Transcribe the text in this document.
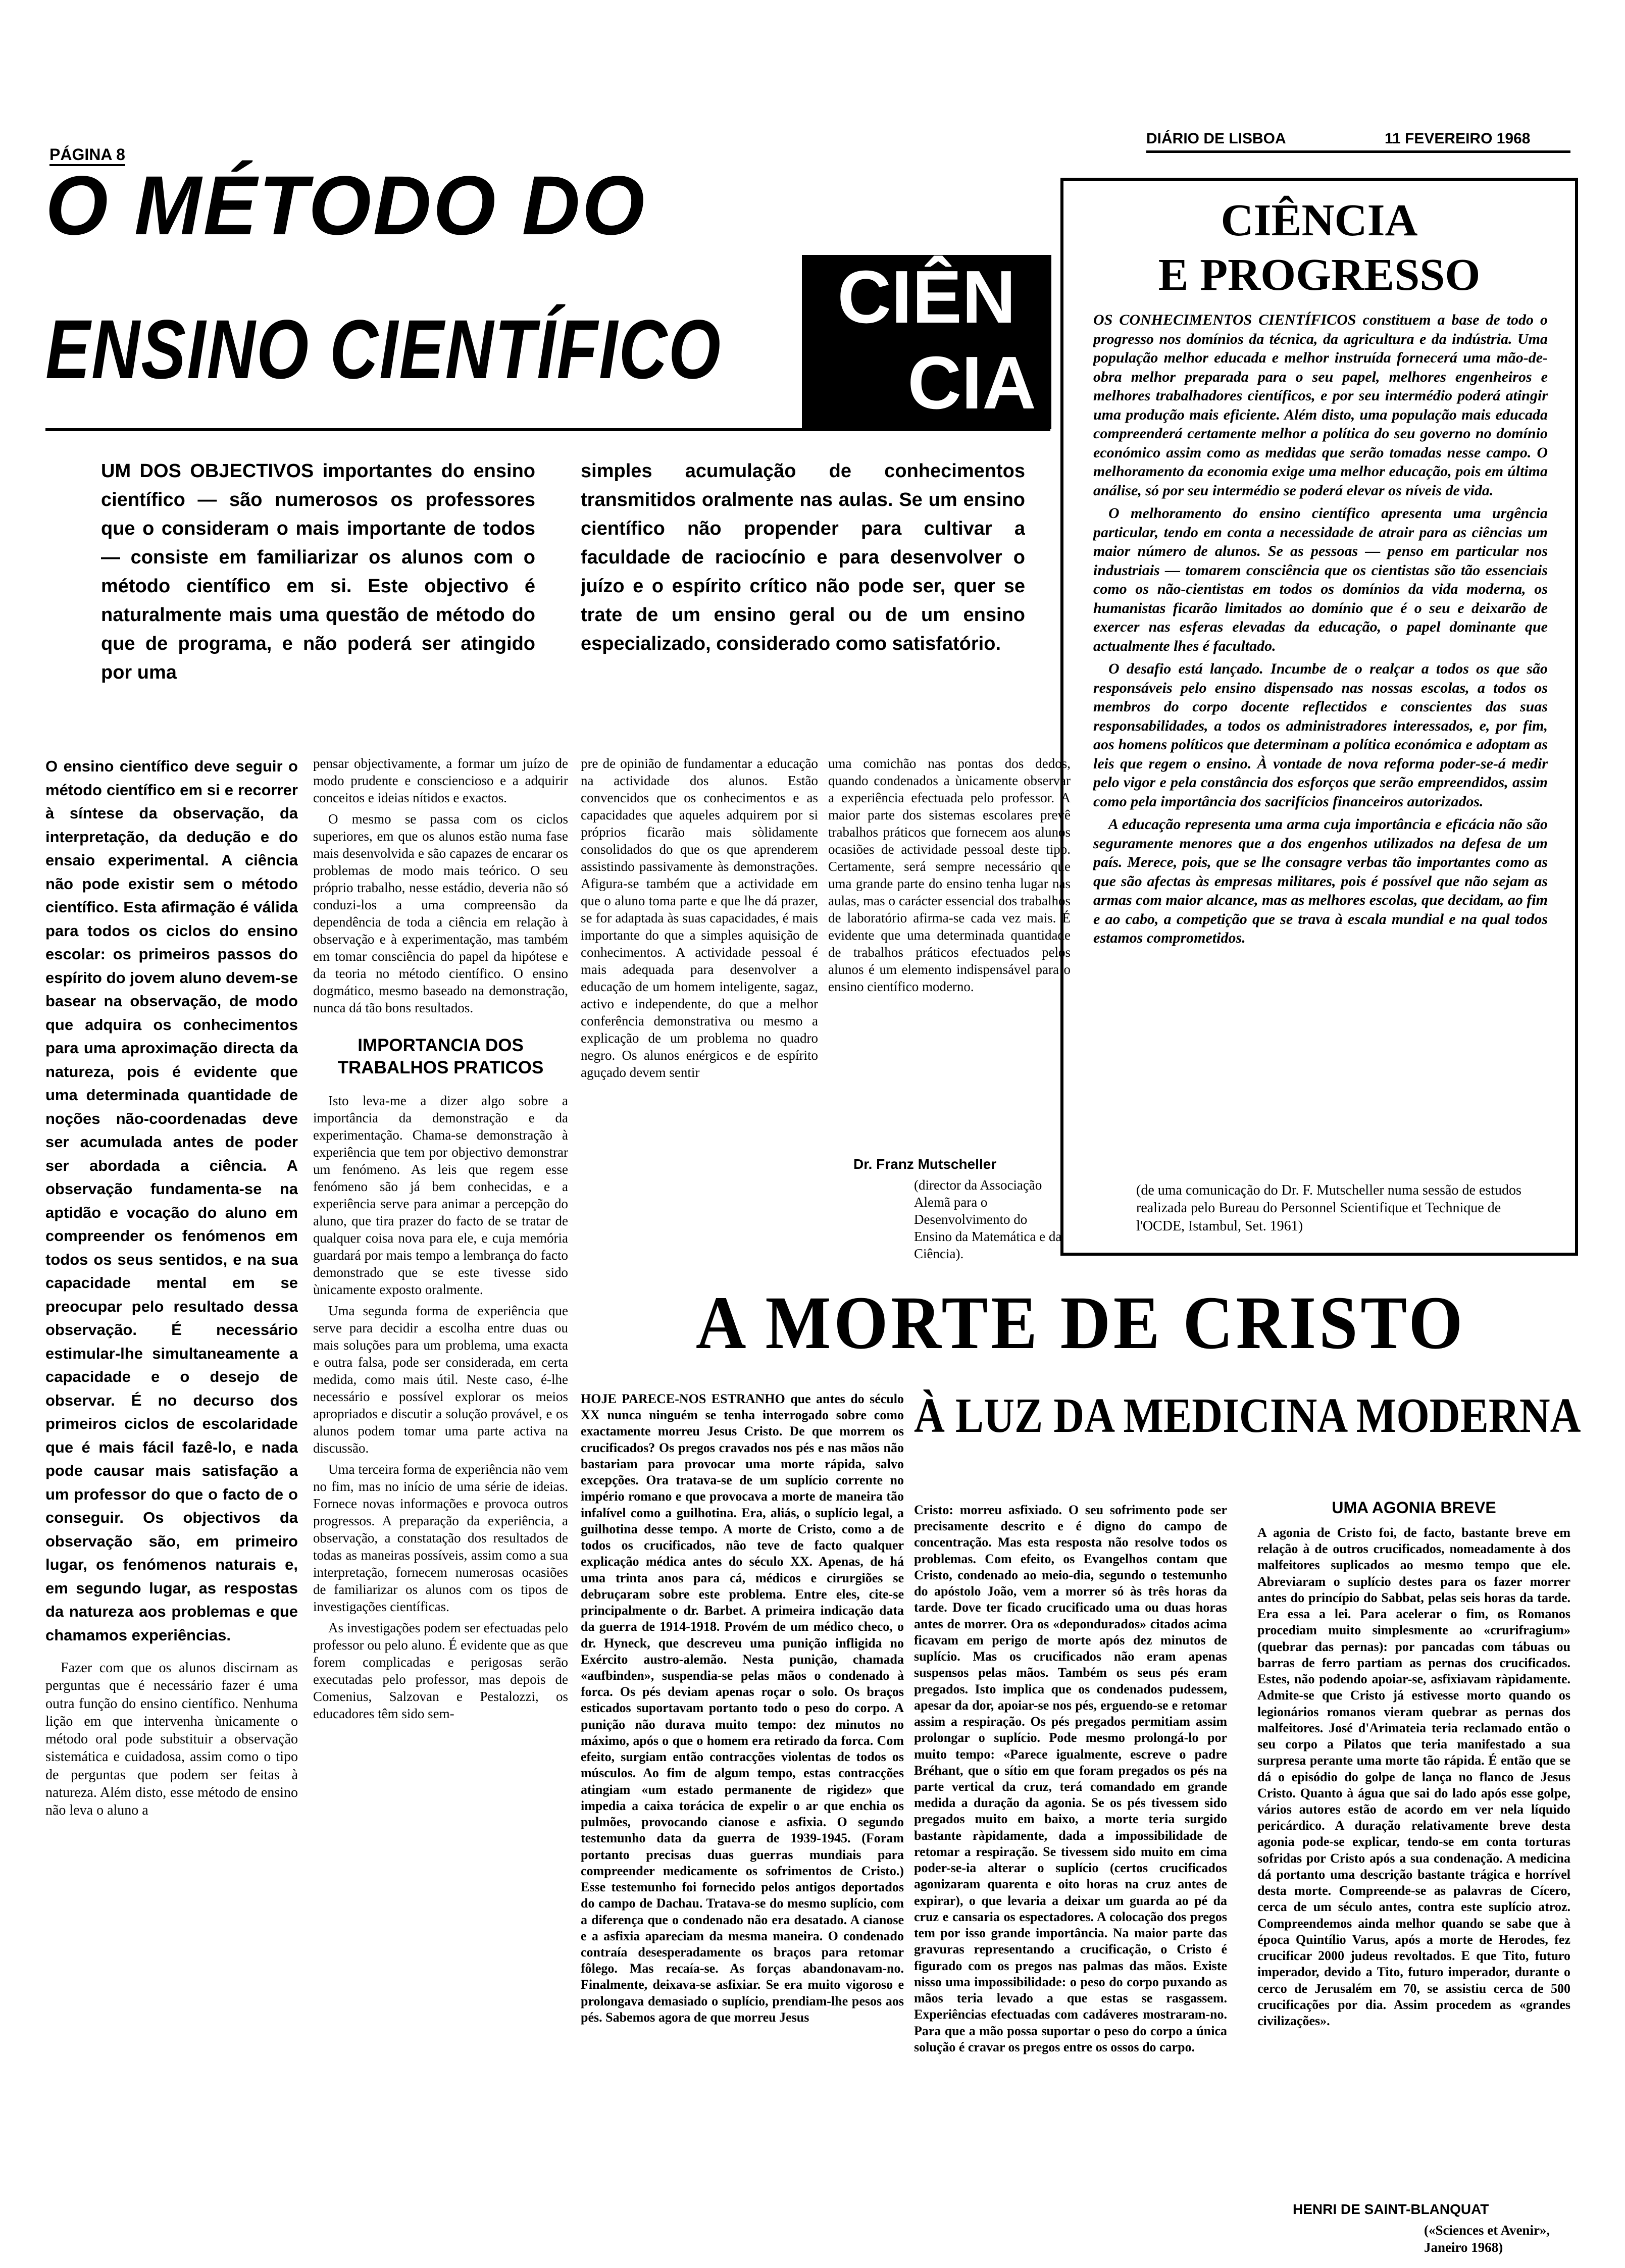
PÁGINA 8
DIÁRIO DE LISBOA	11 FEVEREIRO 1968
O MÉTODO DO
ENSINO CIENTÍFICO
CIÊN
CIA
UM DOS OBJECTIVOS importantes do ensino científico — são numerosos os professores que o consideram o mais importante de todos — consiste em familiarizar os alunos com o método científico em si. Este objectivo é naturalmente mais uma questão de método do que de programa, e não poderá ser atingido por uma
simples acumulação de conhecimentos transmitidos oralmente nas aulas. Se um ensino científico não propender para cultivar a faculdade de raciocínio e para desenvolver o juízo e o espírito crítico não pode ser, quer se trate de um ensino geral ou de um ensino especializado, considerado como satisfatório.

O ensino científico deve seguir o método científico em si e recorrer à síntese da observação, da interpretação, da dedução e do ensaio experimental. A ciência não pode existir sem o método científico. Esta afirmação é válida para todos os ciclos do ensino escolar: os primeiros passos do espírito do jovem aluno devem-se basear na observação, de modo que adquira os conhecimentos para uma aproximação directa da natureza, pois é evidente que uma determinada quantidade de noções não-coordenadas deve ser acumulada antes de poder ser abordada a ciência. A observação fundamenta-se na aptidão e vocação do aluno em compreender os fenómenos em todos os seus sentidos, e na sua capacidade mental em se preocupar pelo resultado dessa observação. É necessário estimular-lhe simultaneamente a capacidade e o desejo de observar. É no decurso dos primeiros ciclos de escolaridade que é mais fácil fazê-lo, e nada pode causar mais satisfação a um professor do que o facto de o conseguir. Os objectivos da observação são, em primeiro lugar, os fenómenos naturais e, em segundo lugar, as respostas da natureza aos problemas e que chamamos experiências.

Fazer com que os alunos discirnam as perguntas que é necessário fazer é uma outra função do ensino científico. Nenhuma lição em que intervenha ùnicamente o método oral pode substituir a observação sistemática e cuidadosa, assim como o tipo de perguntas que podem ser feitas à natureza. Além disto, esse método de ensino não leva o aluno a

pensar objectivamente, a formar um juízo de modo prudente e consciencioso e a adquirir conceitos e ideias nítidos e exactos.

O mesmo se passa com os ciclos superiores, em que os alunos estão numa fase mais desenvolvida e são capazes de encarar os problemas de modo mais teórico. O seu próprio trabalho, nesse estádio, deveria não só conduzi-los a uma compreensão da dependência de toda a ciência em relação à observação e à experimentação, mas também em tomar consciência do papel da hipótese e da teoria no método científico. O ensino dogmático, mesmo baseado na demonstração, nunca dá tão bons resultados.

IMPORTANCIA DOS TRABALHOS PRATICOS

Isto leva-me a dizer algo sobre a importância da demonstração e da experimentação. Chama-se demonstração à experiência que tem por objectivo demonstrar um fenómeno. As leis que regem esse fenómeno são já bem conhecidas, e a experiência serve para animar a percepção do aluno, que tira prazer do facto de se tratar de qualquer coisa nova para ele, e cuja memória guardará por mais tempo a lembrança do facto demonstrado que se este tivesse sido ùnicamente exposto oralmente.

Uma segunda forma de experiência que serve para decidir a escolha entre duas ou mais soluções para um problema, uma exacta e outra falsa, pode ser considerada, em certa medida, como mais útil. Neste caso, é-lhe necessário e possível explorar os meios apropriados e discutir a solução provável, e os alunos podem tomar uma parte activa na discussão.

Uma terceira forma de experiência não vem no fim, mas no início de uma série de ideias. Fornece novas informações e provoca outros progressos. A preparação da experiência, a observação, a constatação dos resultados de todas as maneiras possíveis, assim como a sua interpretação, fornecem numerosas ocasiões de familiarizar os alunos com os tipos de investigações científicas.

As investigações podem ser efectuadas pelo professor ou pelo aluno. É evidente que as que forem complicadas e perigosas serão executadas pelo professor, mas depois de Comenius, Salzovan e Pestalozzi, os educadores têm sido sem-

pre de opinião de fundamentar a educação na actividade dos alunos. Estão convencidos que os conhecimentos e as capacidades que aqueles adquirem por si próprios ficarão mais sòlidamente consolidados do que os que aprenderem assistindo passivamente às demonstrações. Afigura-se também que a actividade em que o aluno toma parte e que lhe dá prazer, se for adaptada às suas capacidades, é mais importante do que a simples aquisição de conhecimentos. A actividade pessoal é mais adequada para desenvolver a educação de um homem inteligente, sagaz, activo e independente, do que a melhor conferência demonstrativa ou mesmo a explicação de um problema no quadro negro. Os alunos enérgicos e de espírito aguçado devem sentir

uma comichão nas pontas dos dedos, quando condenados a ùnicamente observar a experiência efectuada pelo professor. A maior parte dos sistemas escolares prevê trabalhos práticos que fornecem aos alunos ocasiões de actividade pessoal deste tipo. Certamente, será sempre necessário que uma grande parte do ensino tenha lugar nas aulas, mas o carácter essencial dos trabalhos de laboratório afirma-se cada vez mais. É evidente que uma determinada quantidade de trabalhos práticos efectuados pelos alunos é um elemento indispensável para o ensino científico moderno.

Dr. Franz Mutscheller
(director da Associação Alemã para o Desenvolvimento do Ensino da Matemática e da Ciência).
CIÊNCIA
E PROGRESSO

OS CONHECIMENTOS CIENTÍFICOS constituem a base de todo o progresso nos domínios da técnica, da agricultura e da indústria. Uma população melhor educada e melhor instruída fornecerá uma mão-de-obra melhor preparada para o seu papel, melhores engenheiros e melhores trabalhadores científicos, e por seu intermédio poderá atingir uma produção mais eficiente. Além disto, uma população mais educada compreenderá certamente melhor a política do seu governo no domínio económico assim como as medidas que serão tomadas nesse campo. O melhoramento da economia exige uma melhor educação, pois em última análise, só por seu intermédio se poderá elevar os níveis de vida.

O melhoramento do ensino científico apresenta uma urgência particular, tendo em conta a necessidade de atrair para as ciências um maior número de alunos. Se as pessoas — penso em particular nos industriais — tomarem consciência que os cientistas são tão essenciais como os não-cientistas em todos os domínios da vida moderna, os humanistas ficarão limitados ao domínio que é o seu e deixarão de exercer nas esferas elevadas da educação, o papel dominante que actualmente lhes é facultado.

O desafio está lançado. Incumbe de o realçar a todos os que são responsáveis pelo ensino dispensado nas nossas escolas, a todos os membros do corpo docente reflectidos e conscientes das suas responsabilidades, a todos os administradores interessados, e, por fim, aos homens políticos que determinam a política económica e adoptam as leis que regem o ensino. À vontade de nova reforma poder-se-á medir pelo vigor e pela constância dos esforços que serão empreendidos, assim como pela importância dos sacrifícios financeiros autorizados.

A educação representa uma arma cuja importância e eficácia não são seguramente menores que a dos engenhos utilizados na defesa de um país. Merece, pois, que se lhe consagre verbas tão importantes como as que são afectas às empresas militares, pois é possível que não sejam as armas com maior alcance, mas as melhores escolas, que decidam, ao fim e ao cabo, a competição que se trava à escala mundial e na qual todos estamos comprometidos.

(de uma comunicação do Dr. F. Mutscheller numa sessão de estudos realizada pelo Bureau do Personnel Scientifique et Technique de l'OCDE, Istambul, Set. 1961)
A MORTE DE CRISTO
À LUZ DA MEDICINA MODERNA

HOJE PARECE-NOS ESTRANHO que antes do século XX nunca ninguém se tenha interrogado sobre como exactamente morreu Jesus Cristo. De que morrem os crucificados? Os pregos cravados nos pés e nas mãos não bastariam para provocar uma morte rápida, salvo excepções. Ora tratava-se de um suplício corrente no império romano e que provocava a morte de maneira tão infalível como a guilhotina. Era, aliás, o suplício legal, a guilhotina desse tempo. A morte de Cristo, como a de todos os crucificados, não teve de facto qualquer explicação médica antes do século XX. Apenas, de há uma trinta anos para cá, médicos e cirurgiões se debruçaram sobre este problema. Entre eles, cite-se principalmente o dr. Barbet. A primeira indicação data da guerra de 1914-1918. Provém de um médico checo, o dr. Hyneck, que descreveu uma punição infligida no Exército austro-alemão. Nesta punição, chamada «aufbinden», suspendia-se pelas mãos o condenado à forca. Os pés deviam apenas roçar o solo. Os braços esticados suportavam portanto todo o peso do corpo. A punição não durava muito tempo: dez minutos no máximo, após o que o homem era retirado da forca. Com efeito, surgiam então contracções violentas de todos os músculos. Ao fim de algum tempo, estas contracções atingiam «um estado permanente de rigidez» que impedia a caixa torácica de expelir o ar que enchia os pulmões, provocando cianose e asfixia. O segundo testemunho data da guerra de 1939-1945. (Foram portanto precisas duas guerras mundiais para compreender medicamente os sofrimentos de Cristo.) Esse testemunho foi fornecido pelos antigos deportados do campo de Dachau. Tratava-se do mesmo suplício, com a diferença que o condenado não era desatado. A cianose e a asfixia apareciam da mesma maneira. O condenado contraía desesperadamente os braços para retomar fôlego. Mas recaía-se. As forças abandonavam-no. Finalmente, deixava-se asfixiar. Se era muito vigoroso e prolongava demasiado o suplício, prendiam-lhe pesos aos pés. Sabemos agora de que morreu Jesus

Cristo: morreu asfixiado. O seu sofrimento pode ser precisamente descrito e é digno do campo de concentração. Mas esta resposta não resolve todos os problemas. Com efeito, os Evangelhos contam que Cristo, condenado ao meio-dia, segundo o testemunho do apóstolo João, vem a morrer só às três horas da tarde. Dove ter ficado crucificado uma ou duas horas antes de morrer. Ora os «depondurados» citados acima ficavam em perigo de morte após dez minutos de suplício. Mas os crucificados não eram apenas suspensos pelas mãos. Também os seus pés eram pregados. Isto implica que os condenados pudessem, apesar da dor, apoiar-se nos pés, erguendo-se e retomar assim a respiração. Os pés pregados permitiam assim prolongar o suplício. Pode mesmo prolongá-lo por muito tempo: «Parece igualmente, escreve o padre Bréhant, que o sítio em que foram pregados os pés na parte vertical da cruz, terá comandado em grande medida a duração da agonia. Se os pés tivessem sido pregados muito em baixo, a morte teria surgido bastante ràpidamente, dada a impossibilidade de retomar a respiração. Se tivessem sido muito em cima poder-se-ia alterar o suplício (certos crucificados agonizaram quarenta e oito horas na cruz antes de expirar), o que levaria a deixar um guarda ao pé da cruz e cansaria os espectadores. A colocação dos pregos tem por isso grande importância. Na maior parte das gravuras representando a crucificação, o Cristo é figurado com os pregos nas palmas das mãos. Existe nisso uma impossibilidade: o peso do corpo puxando as mãos teria levado a que estas se rasgassem. Experiências efectuadas com cadáveres mostraram-no. Para que a mão possa suportar o peso do corpo a única solução é cravar os pregos entre os ossos do carpo.

UMA AGONIA BREVE

A agonia de Cristo foi, de facto, bastante breve em relação à de outros crucificados, nomeadamente à dos malfeitores suplicados ao mesmo tempo que ele. Abreviaram o suplício destes para os fazer morrer antes do princípio do Sabbat, pelas seis horas da tarde. Era essa a lei. Para acelerar o fim, os Romanos procediam muito simplesmente ao «crurifragium» (quebrar das pernas): por pancadas com tábuas ou barras de ferro partiam as pernas dos crucificados. Estes, não podendo apoiar-se, asfixiavam ràpidamente. Admite-se que Cristo já estivesse morto quando os legionários romanos vieram quebrar as pernas dos malfeitores. José d'Arimateia teria reclamado então o seu corpo a Pilatos que teria manifestado a sua surpresa perante uma morte tão rápida. É então que se dá o episódio do golpe de lança no flanco de Jesus Cristo. Quanto à água que sai do lado após esse golpe, vários autores estão de acordo em ver nela líquido pericárdico. A duração relativamente breve desta agonia pode-se explicar, tendo-se em conta torturas sofridas por Cristo após a sua condenação. A medicina dá portanto uma descrição bastante trágica e horrível desta morte. Compreende-se as palavras de Cícero, cerca de um século antes, contra este suplício atroz. Compreendemos ainda melhor quando se sabe que à época Quintílio Varus, após a morte de Herodes, fez crucificar 2000 judeus revoltados. E que Tito, futuro imperador, devido a Tito, futuro imperador, durante o cerco de Jerusalém em 70, se assistiu cerca de 500 crucificações por dia. Assim procedem as «grandes civilizações».

HENRI DE SAINT-BLANQUAT
(«Sciences et Avenir», Janeiro 1968)
